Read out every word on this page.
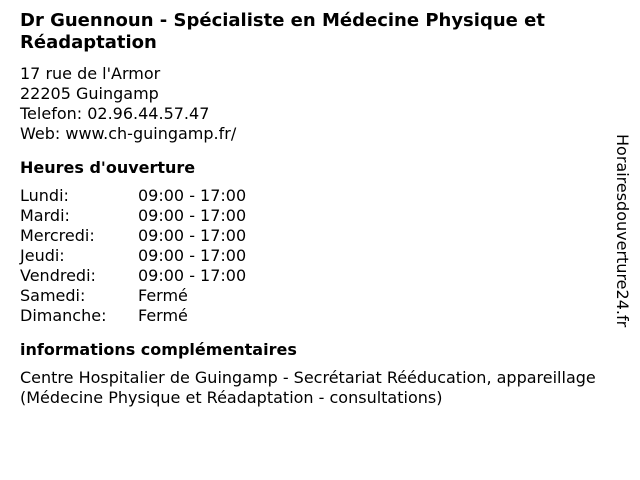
Dr Guennoun - Spécialiste en Médecine Physique et Réadaptation
17 rue de l'Armor
22205 Guingamp
Telefon: 02.96.44.57.47
Web: www.ch-guingamp.fr/
Heures d'ouverture
Lundi:	09:00 - 17:00
Mardi:	09:00 - 17:00
Mercredi:	09:00 - 17:00
Jeudi:	09:00 - 17:00
Vendredi:	09:00 - 17:00
Samedi:	Fermé
Dimanche:	Fermé
informations complémentaires
Centre Hospitalier de Guingamp - Secrétariat Rééducation, appareillage (Médecine Physique et Réadaptation - consultations)
Horairesdouverture24.fr
